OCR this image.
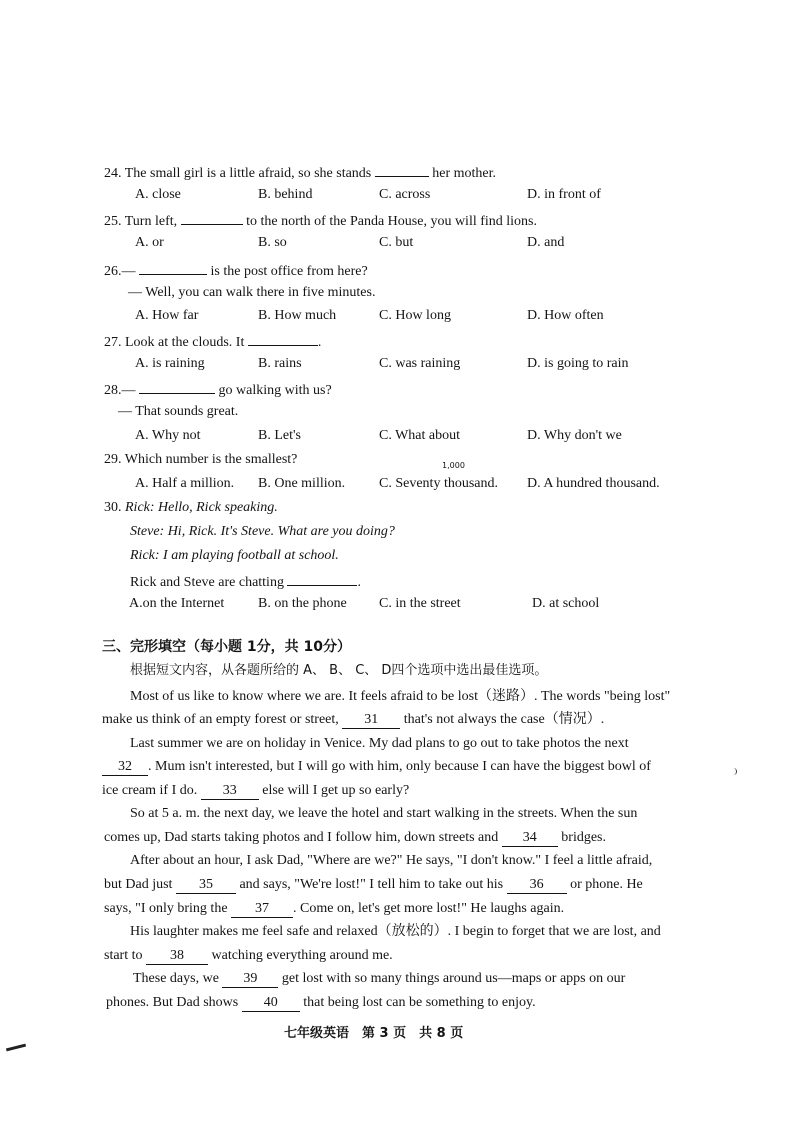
24. The small girl is a little afraid, so she stands	her mother.
A. close	B. behind	C. across	D. in front of
25. Turn left,	to the north of the Panda House, you will find lions.
A. or	B. so	C. but	D. and
26.—	is the post office from here?
— Well, you can walk there in five minutes.
A. How far	B. How much	C. How long	D. How often
27. Look at the clouds. It	.
A. is raining	B. rains	C. was raining	D. is going to rain
28.—	go walking with us?
— That sounds great.
A. Why not	B. Let's	C. What about	D. Why don't we
29. Which number is the smallest?	1,000
A. Half a million. B. One million. C. Seventy thousand. D. A hundred thousand.
30. Rick: Hello, Rick speaking.
Steve: Hi, Rick. It's Steve. What are you doing?
Rick: I am playing football at school.
Rick and Steve are chatting	.
A.on the Internet B. on the phone C. in the street	D. at school
三、完形填空（每小题 1分，共 10分）
根据短文内容，从各题所给的 A、 B、 C、 D四个选项中选出最佳选项。
Most of us like to know where we are. It feels afraid to be lost（迷路）. The words "being lost"
make us think of an empty forest or street, 31 that's not always the case（情况）.
Last summer we are on holiday in Venice. My dad plans to go out to take photos the next
32 . Mum isn't interested, but I will go with him, only because I can have the biggest bowl of
ice cream if I do. 33 else will I get up so early?
So at 5 a. m. the next day, we leave the hotel and start walking in the streets. When the sun
comes up, Dad starts taking photos and I follow him, down streets and 34 bridges.
After about an hour, I ask Dad, "Where are we?" He says, "I don't know." I feel a little afraid,
but Dad just 35 and says, "We're lost!" I tell him to take out his 36 or phone. He
says, "I only bring the 37 . Come on, let's get more lost!" He laughs again.
His laughter makes me feel safe and relaxed（放松的）. I begin to forget that we are lost, and
start to 38 watching everything around me.
These days, we 39 get lost with so many things around us—maps or apps on our
phones. But Dad shows 40 that being lost can be something to enjoy.
七年级英语　第 3 页　共 8 页
